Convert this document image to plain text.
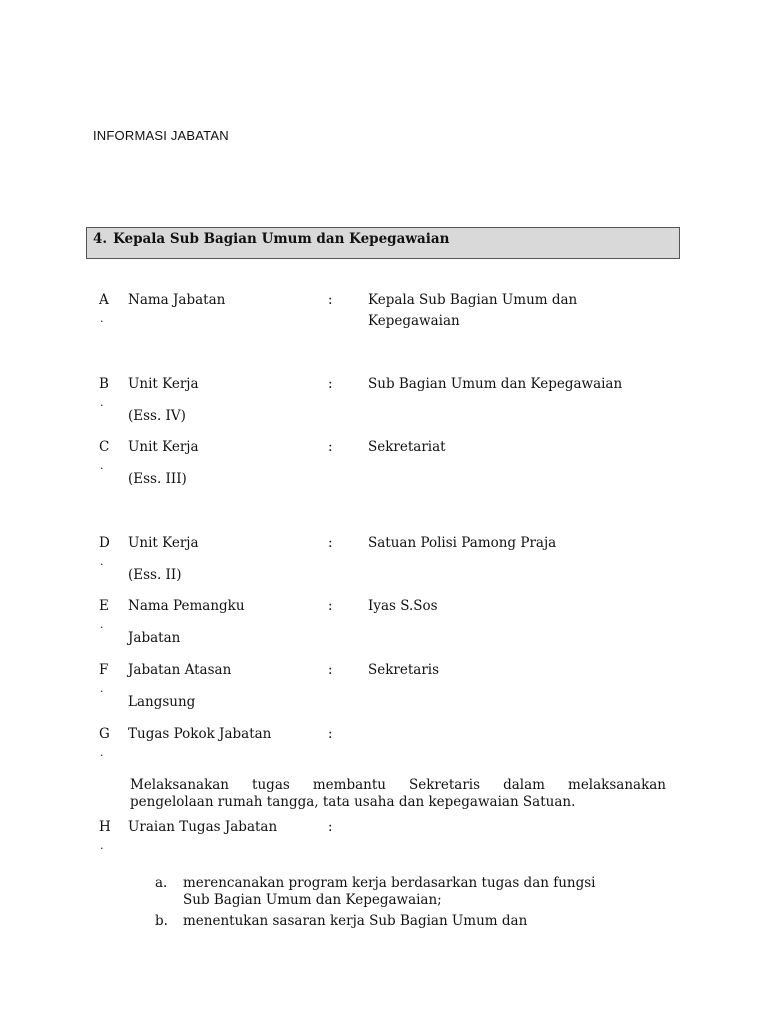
INFORMASI JABATAN
4. Kepala Sub Bagian Umum dan Kepegawaian
A
.
Nama Jabatan	:	Kepala Sub Bagian Umum dan
Kepegawaian
B
.
Unit Kerja
(Ess. IV)
:	Sub Bagian Umum dan Kepegawaian
C
.
Unit Kerja
(Ess. III)
:	Sekretariat
D
.
Unit Kerja
(Ess. II)
:	Satuan Polisi Pamong Praja
E
.
Nama Pemangku
Jabatan
:	Iyas S.Sos
F
.
Jabatan Atasan
Langsung
:	Sekretaris
G
.
Tugas Pokok Jabatan	:
Melaksanakan tugas membantu Sekretaris dalam melaksanakan
pengelolaan rumah tangga, tata usaha dan kepegawaian Satuan.
H
.
Uraian Tugas Jabatan	:
a. merencanakan program kerja berdasarkan tugas dan fungsi
Sub Bagian Umum dan Kepegawaian;
b. menentukan sasaran kerja Sub Bagian Umum dan
